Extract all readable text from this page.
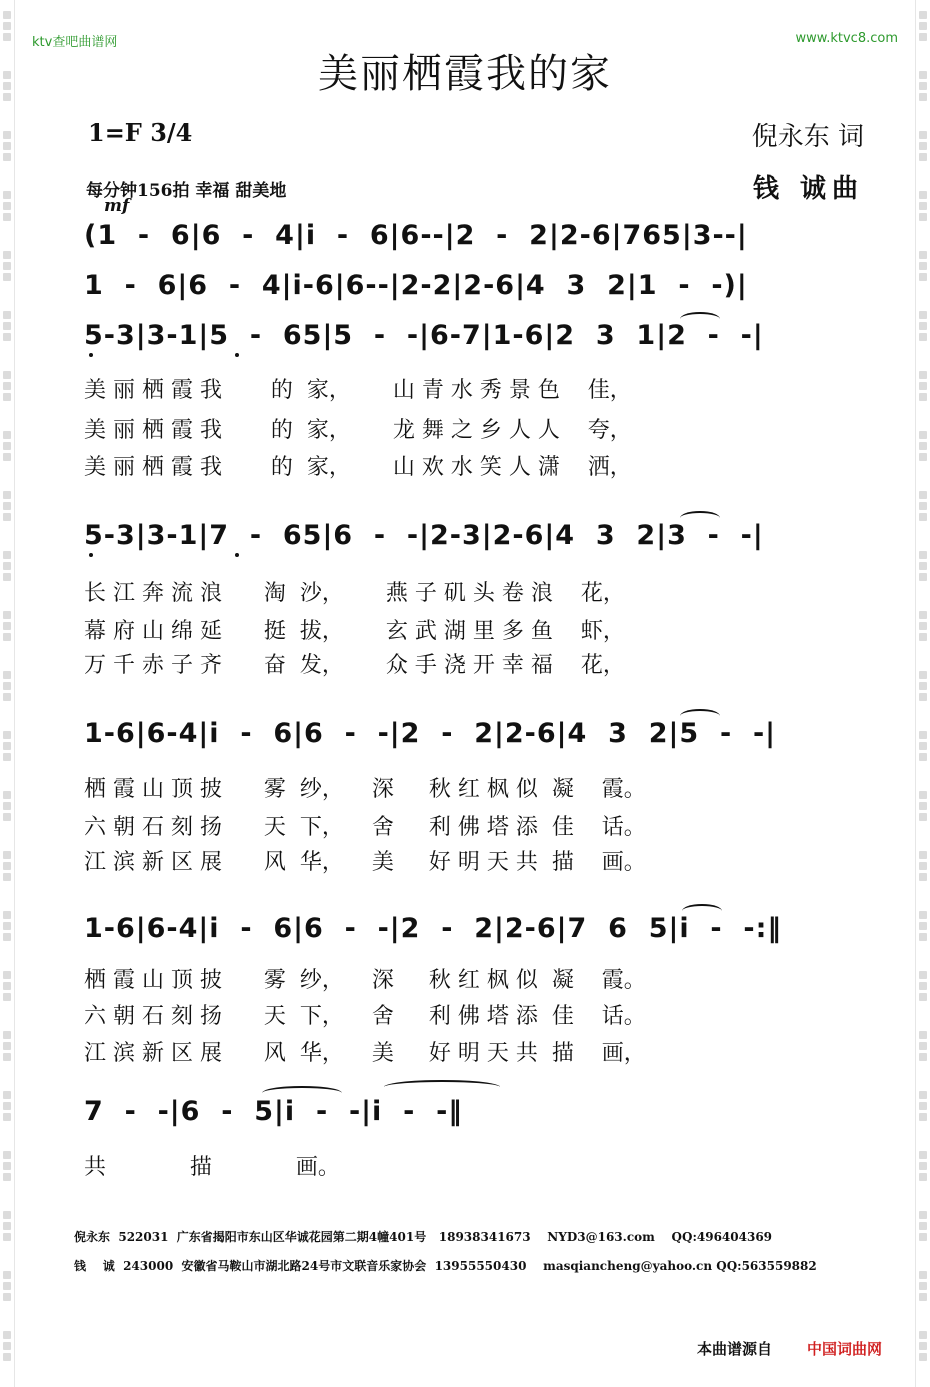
ktv查吧曲谱网	www.ktvc8.com
美丽栖霞我的家
1=F 3/4	倪永东 词
每分钟156拍 幸福 甜美地	钱 诚曲
mf
(1  -  6|6  -  4|i  -  6|6--|2  -  2|2-6|765|3--|
1  -  6|6  -  4|i-6|6--|2-2|2-6|4  3  2|1  -  -)|
5-3|3-1|5  -  65|5  -  -|6-7|1-6|2  3  1|2  -  -|
美 丽 栖 霞 我       的  家，      山 青 水 秀 景 色    佳，
美 丽 栖 霞 我       的  家，      龙 舞 之 乡 人 人    夸，
美 丽 栖 霞 我       的  家，      山 欢 水 笑 人 潇    洒，
5-3|3-1|7  -  65|6  -  -|2-3|2-6|4  3  2|3  -  -|
长 江 奔 流 浪      淘  沙，      燕 子 矶 头 卷 浪    花，
幕 府 山 绵 延      挺  拔，      玄 武 湖 里 多 鱼    虾，
万 千 赤 子 齐      奋  发，      众 手 浇 开 幸 福    花，
1-6|6-4|i  -  6|6  -  -|2  -  2|2-6|4  3  2|5  -  -|
栖 霞 山 顶 披      雾  纱，    深     秋 红 枫 似  凝    霞。
六 朝 石 刻 扬      天  下，    舍     利 佛 塔 添  佳    话。
江 滨 新 区 展      风  华，    美     好 明 天 共  描    画。
1-6|6-4|i  -  6|6  -  -|2  -  2|2-6|7  6  5|i  -  -:‖
栖 霞 山 顶 披      雾  纱，    深     秋 红 枫 似  凝    霞。
六 朝 石 刻 扬      天  下，    舍     利 佛 塔 添  佳    话。
江 滨 新 区 展      风  华，    美     好 明 天 共  描    画，
7  -  -|6  -  5|i  -  -|i  -  -‖
共            描            画。
倪永东  522031  广东省揭阳市东山区华诚花园第二期4幢401号   18938341673    NYD3@163.com    QQ:496404369
钱    诚  243000  安徽省马鞍山市湖北路24号市文联音乐家协会  13955550430    masqiancheng@yahoo.cn QQ:563559882
本曲谱源自 中国词曲网
